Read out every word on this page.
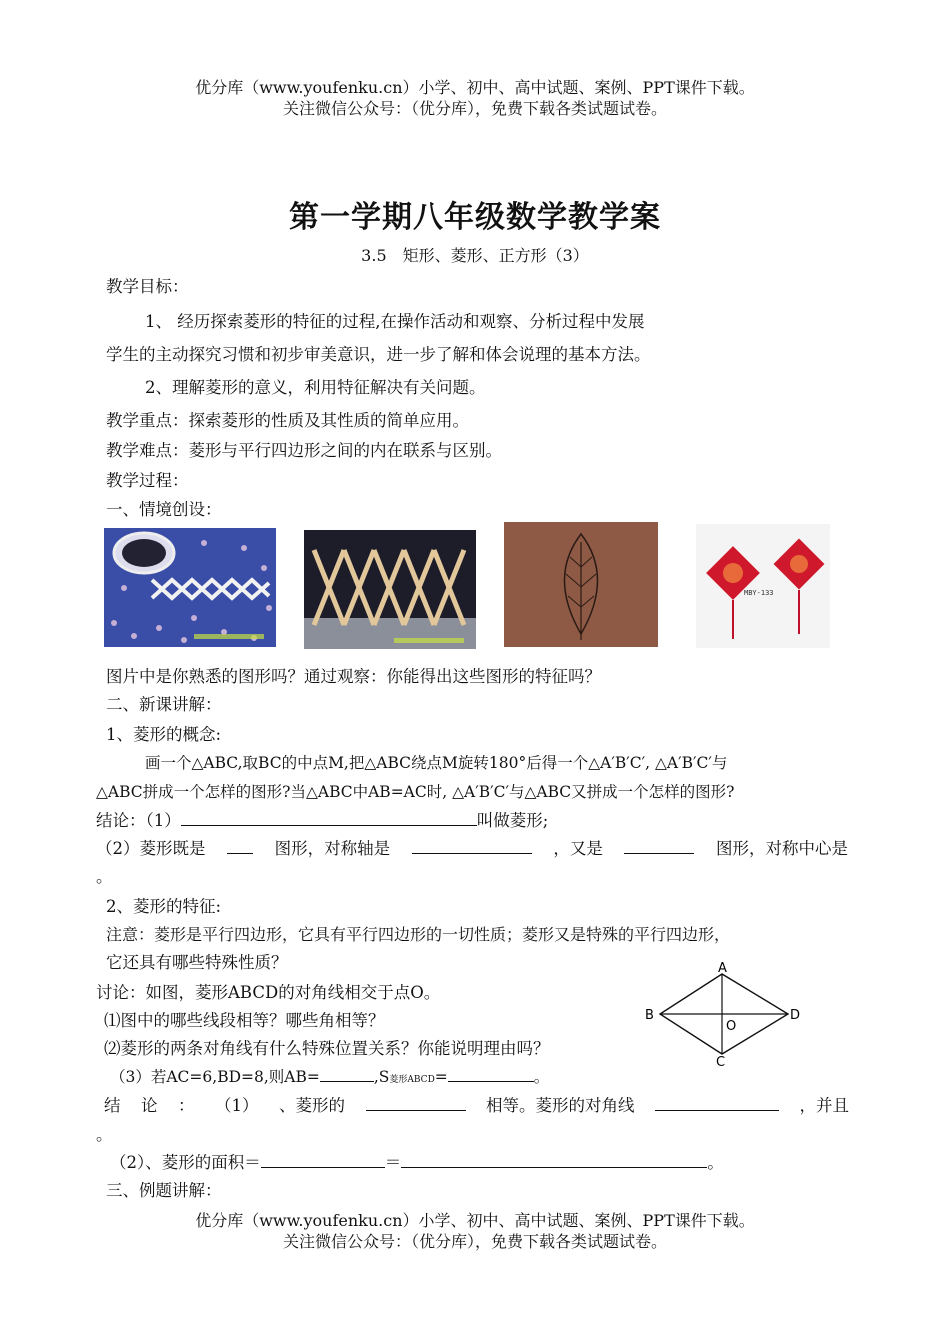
优分库（www.youfenku.cn）小学、初中、高中试题、案例、PPT课件下载。
关注微信公众号：（优分库），免费下载各类试题试卷。
第一学期八年级数学教学案
3.5　矩形、菱形、正方形（3）
教学目标：
1、 经历探索菱形的特征的过程,在操作活动和观察、分析过程中发展
学生的主动探究习惯和初步审美意识，进一步了解和体会说理的基本方法。
2、理解菱形的意义，利用特征解决有关问题。
教学重点：探索菱形的性质及其性质的简单应用。
教学难点：菱形与平行四边形之间的内在联系与区别。
教学过程：
一、情境创设：
MBY-133
图片中是你熟悉的图形吗？通过观察：你能得出这些图形的特征吗？
二、新课讲解：
1、菱形的概念:
画一个△ABC,取BC的中点M,把△ABC绕点M旋转180°后得一个△A′B′C′, △A′B′C′与
△ABC拼成一个怎样的图形?当△ABC中AB=AC时, △A′B′C′与△ABC又拼成一个怎样的图形?
结论：（1）	叫做菱形;
（2）菱形既是	图形，对称轴是	，又是	图形，对称中心是
。
2、菱形的特征:
注意：菱形是平行四边形，它具有平行四边形的一切性质；菱形又是特殊的平行四边形，
它还具有哪些特殊性质？
讨论：如图，菱形ABCD的对角线相交于点O。
⑴图中的哪些线段相等？哪些角相等？
⑵菱形的两条对角线有什么特殊位置关系？你能说明理由吗？
（3）若AC=6,BD=8,则AB=	,S菱形ABCD=	。
A
B
C
D
O
结 论 ： （1） 、菱形的	相等。菱形的对角线	，并且
。
（2）、菱形的面积＝	＝	。
三、例题讲解：
优分库（www.youfenku.cn）小学、初中、高中试题、案例、PPT课件下载。
关注微信公众号：（优分库），免费下载各类试题试卷。
